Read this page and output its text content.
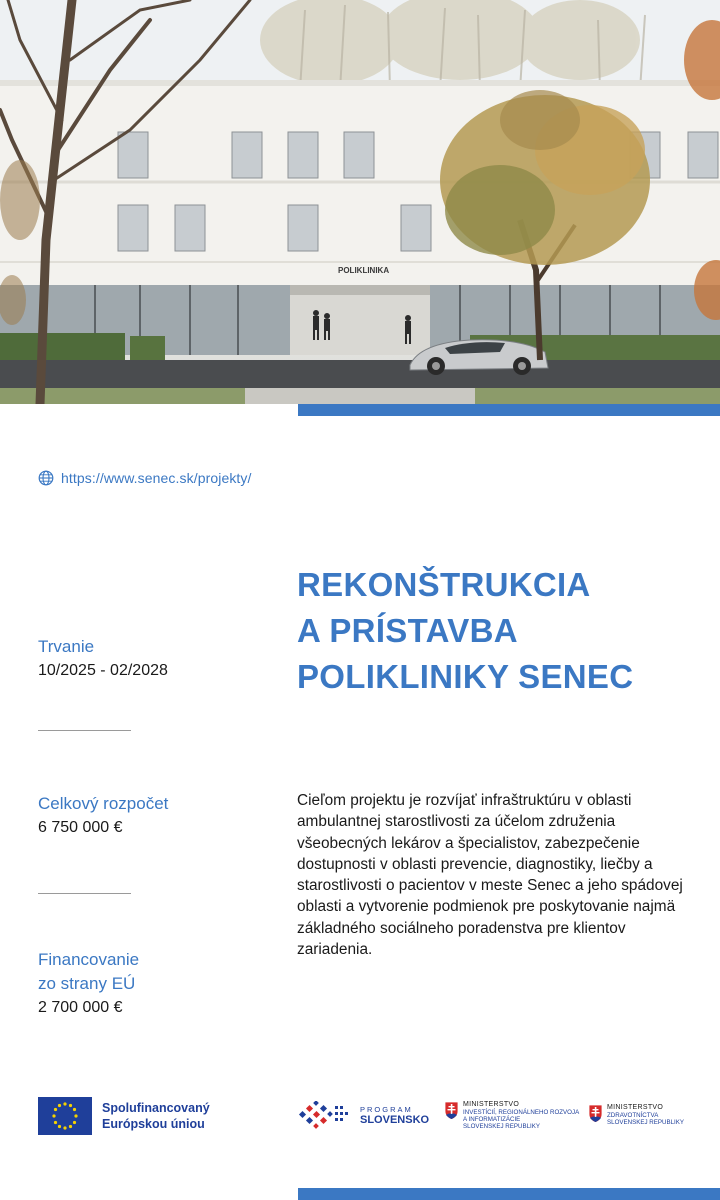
POLIKLINIKA
https://www.senec.sk/projekty/
REKONŠTRUKCIA
A PRÍSTAVBA
POLIKLINIKY SENEC
Trvanie
10/2025 - 02/2028
Celkový rozpočet
6 750 000 €
Financovanie
zo strany EÚ
2 700 000 €
Cieľom projektu je rozvíjať infraštruktúru v oblasti ambulantnej starostlivosti za účelom združenia všeobecných lekárov a špecialistov, zabezpečenie dostupnosti v oblasti prevencie, diagnostiky, liečby a starostlivosti o pacientov v meste Senec a jeho spádovej oblasti a vytvorenie podmienok pre poskytovanie najmä základného sociálneho poradenstva pre klientov zariadenia.
Spolufinancovaný
Európskou úniou
PROGRAM
SLOVENSKO
MINISTERSTVO
INVESTÍCIÍ, REGIONÁLNEHO ROZVOJA
A INFORMATIZÁCIE
SLOVENSKEJ REPUBLIKY
MINISTERSTVO
ZDRAVOTNÍCTVA
SLOVENSKEJ REPUBLIKY
